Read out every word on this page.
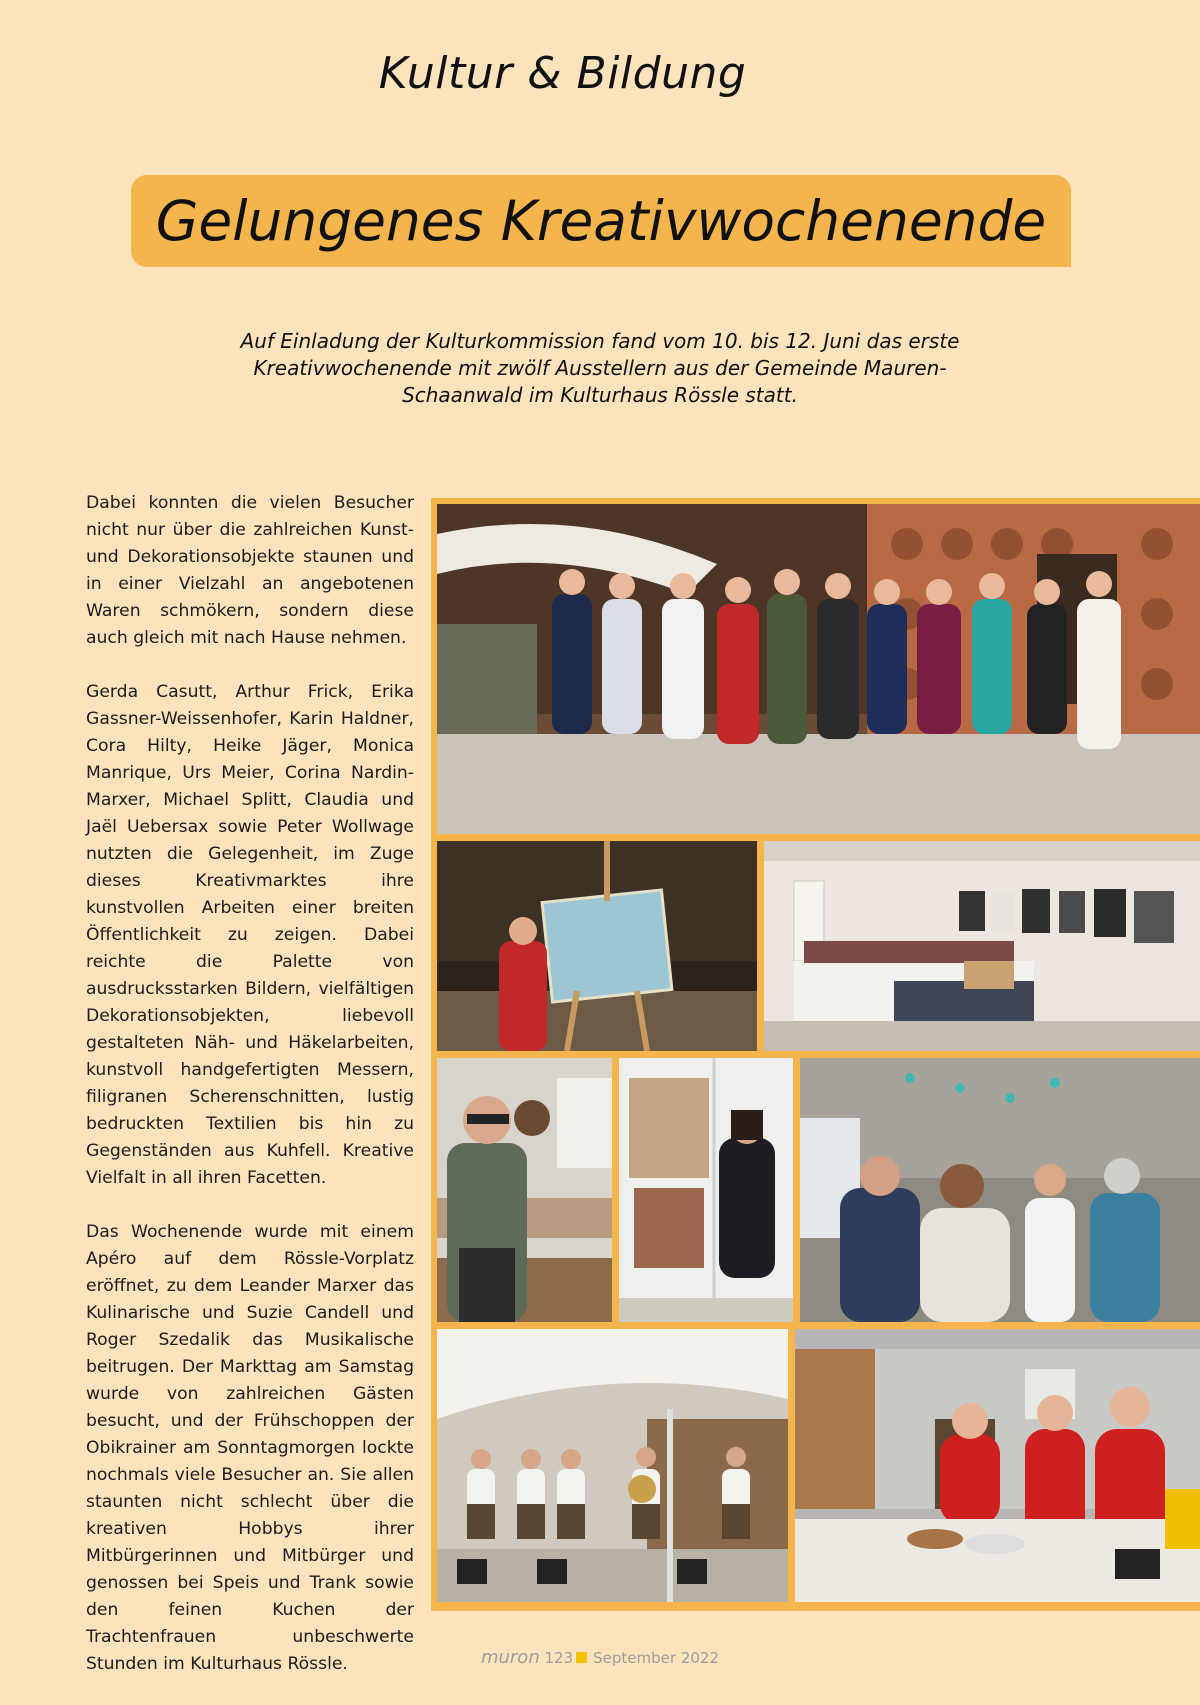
Kultur & Bildung
Gelungenes Kreativwochenende
Auf Einladung der Kulturkommission fand vom 10. bis 12. Juni das erste Kreativwochenende mit zwölf Ausstellern aus der Gemeinde Mauren-Schaanwald im Kulturhaus Rössle statt.

Dabei konnten die vielen Besucher nicht nur über die zahlreichen Kunst- und Dekorationsobjekte staunen und in einer Vielzahl an angebotenen Waren schmökern, sondern diese auch gleich mit nach Hause nehmen.

Gerda Casutt, Arthur Frick, Erika Gassner-Weissenhofer, Karin Haldner, Cora Hilty, Heike Jäger, Monica Manrique, Urs Meier, Corina Nardin-Marxer, Michael Splitt, Claudia und Jaël Uebersax sowie Peter Wollwage nutzten die Gelegenheit, im Zuge dieses Kreativmarktes ihre kunstvollen Arbeiten einer breiten Öffentlichkeit zu zeigen. Dabei reichte die Palette von ausdrucksstarken Bildern, vielfältigen Dekorationsobjekten, liebevoll gestalteten Näh- und Häkelarbeiten, kunstvoll handgefertigten Messern, filigranen Scherenschnitten, lustig bedruckten Textilien bis hin zu Gegenständen aus Kuhfell. Kreative Vielfalt in all ihren Facetten.

Das Wochenende wurde mit einem Apéro auf dem Rössle-Vorplatz eröffnet, zu dem Leander Marxer das Kulinarische und Suzie Candell und Roger Szedalik das Musikalische beitrugen. Der Markttag am Samstag wurde von zahlreichen Gästen besucht, und der Frühschoppen der Obikrainer am Sonntagmorgen lockte nochmals viele Besucher an. Sie allen staunten nicht schlecht über die kreativen Hobbys ihrer Mitbürgerinnen und Mitbürger und genossen bei Speis und Trank sowie den feinen Kuchen der Trachtenfrauen unbeschwerte Stunden im Kulturhaus Rössle.	muron 123 September 2022
